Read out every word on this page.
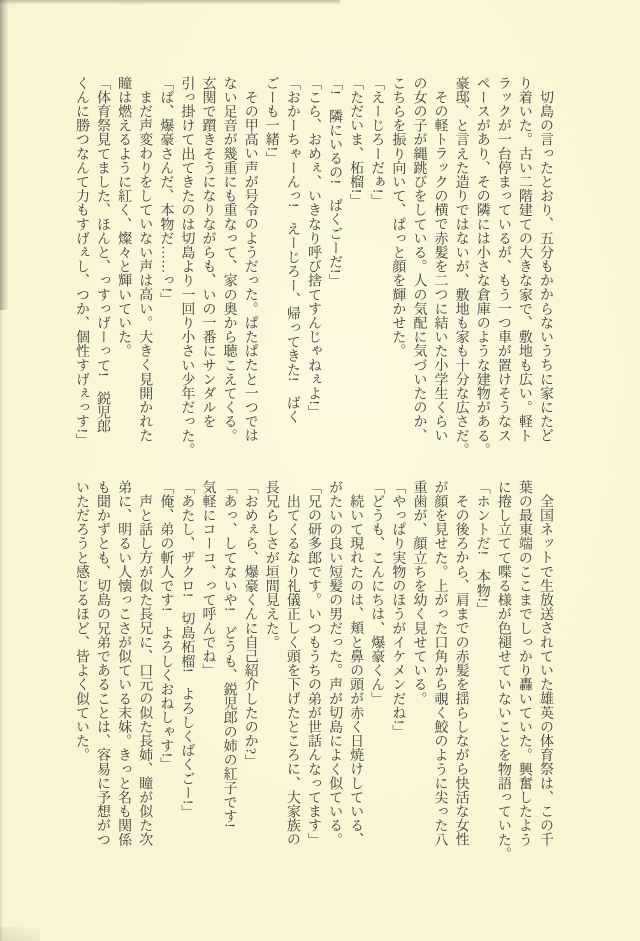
切島の言ったとおり、五分もかからないうちに家にたど
り着いた。古い二階建ての大きな家で、敷地も広い。軽ト
ラックが一台停まっているが、もう一つ車が置けそうなス
ペースがあり、その隣には小さな倉庫のような建物がある。
豪邸、と言えた造りではないが、敷地も家も十分な広さだ。
その軽トラックの横で赤髪を二つに結いた小学生くらい
の女の子が縄跳びをしている。人の気配に気づいたのか、
こちらを振り向いて、ぱっと顔を輝かせた。
「えーじろーだぁ!」
「ただいま、柘榴!」
「!　隣にいるの!　ばくごーだ!」
「こら、おめぇ、いきなり呼び捨てすんじゃねぇよ!」
「おかーちゃーんっ!　えーじろー、帰ってきた!　ばく
ごーも一緒!」
その甲高い声が号令のようだった。ぱたぱたと一つでは
ない足音が幾重にも重なって、家の奥から聴こえてくる。
玄関で躓きそうになりながらも、いの一番にサンダルを
引っ掛けて出てきたのは切島より一回り小さい少年だった。
「ば、爆豪さんだ、本物だ……っ!」
まだ声変わりをしていない声は高い。大きく見開かれた
瞳は燃えるように紅く、燦々と輝いていた。
「体育祭見てました、ほんと、っすっげーって!　鋭児郎
くんに勝つなんて力もすげぇし、つか、個性すげぇっす!」
全国ネットで生放送されていた雄英の体育祭は、この千
葉の最東端のここまでしっかり轟いていた。興奮したよう
に捲し立てて喋る様が色褪せていないことを物語っていた。
「ホントだ!　本物!」
その後ろから、肩までの赤髪を揺らしながら快活な女性
が顔を見せた。上がった口角から覗く鮫のように尖った八
重歯が、顔立ちを幼く見せている。
「やっぱり実物のほうがイケメンだね!」
「どうも、こんにちは、爆豪くん」
続いて現れたのは、頬と鼻の頭が赤く日焼けしている、
がたいの良い短髪の男だった。声が切島によく似ている。
「兄の研多郎です。いつもうちの弟が世話んなってます」
出てくるなり礼儀正しく頭を下げたところに、大家族の
長兄らしさが垣間見えた。
「おめぇら、爆豪くんに自己紹介したのか?」
「あっ、してないや!　どうも、鋭児郎の姉の紅子です!
気軽にコーコ、って呼んでね」
「あたし、ザクロ!　切島柘榴!　よろしくばくごー!」
「俺、弟の斬人です!　よろしくおねしゃす!」
声と話し方が似た長兄に、口元の似た長姉、瞳が似た次
弟に、明るい人懐っこさが似ている末妹。きっと名も関係
も聞かずとも、切島の兄弟であることは、容易に予想がつ
いただろうと感じるほど、皆よく似ていた。
